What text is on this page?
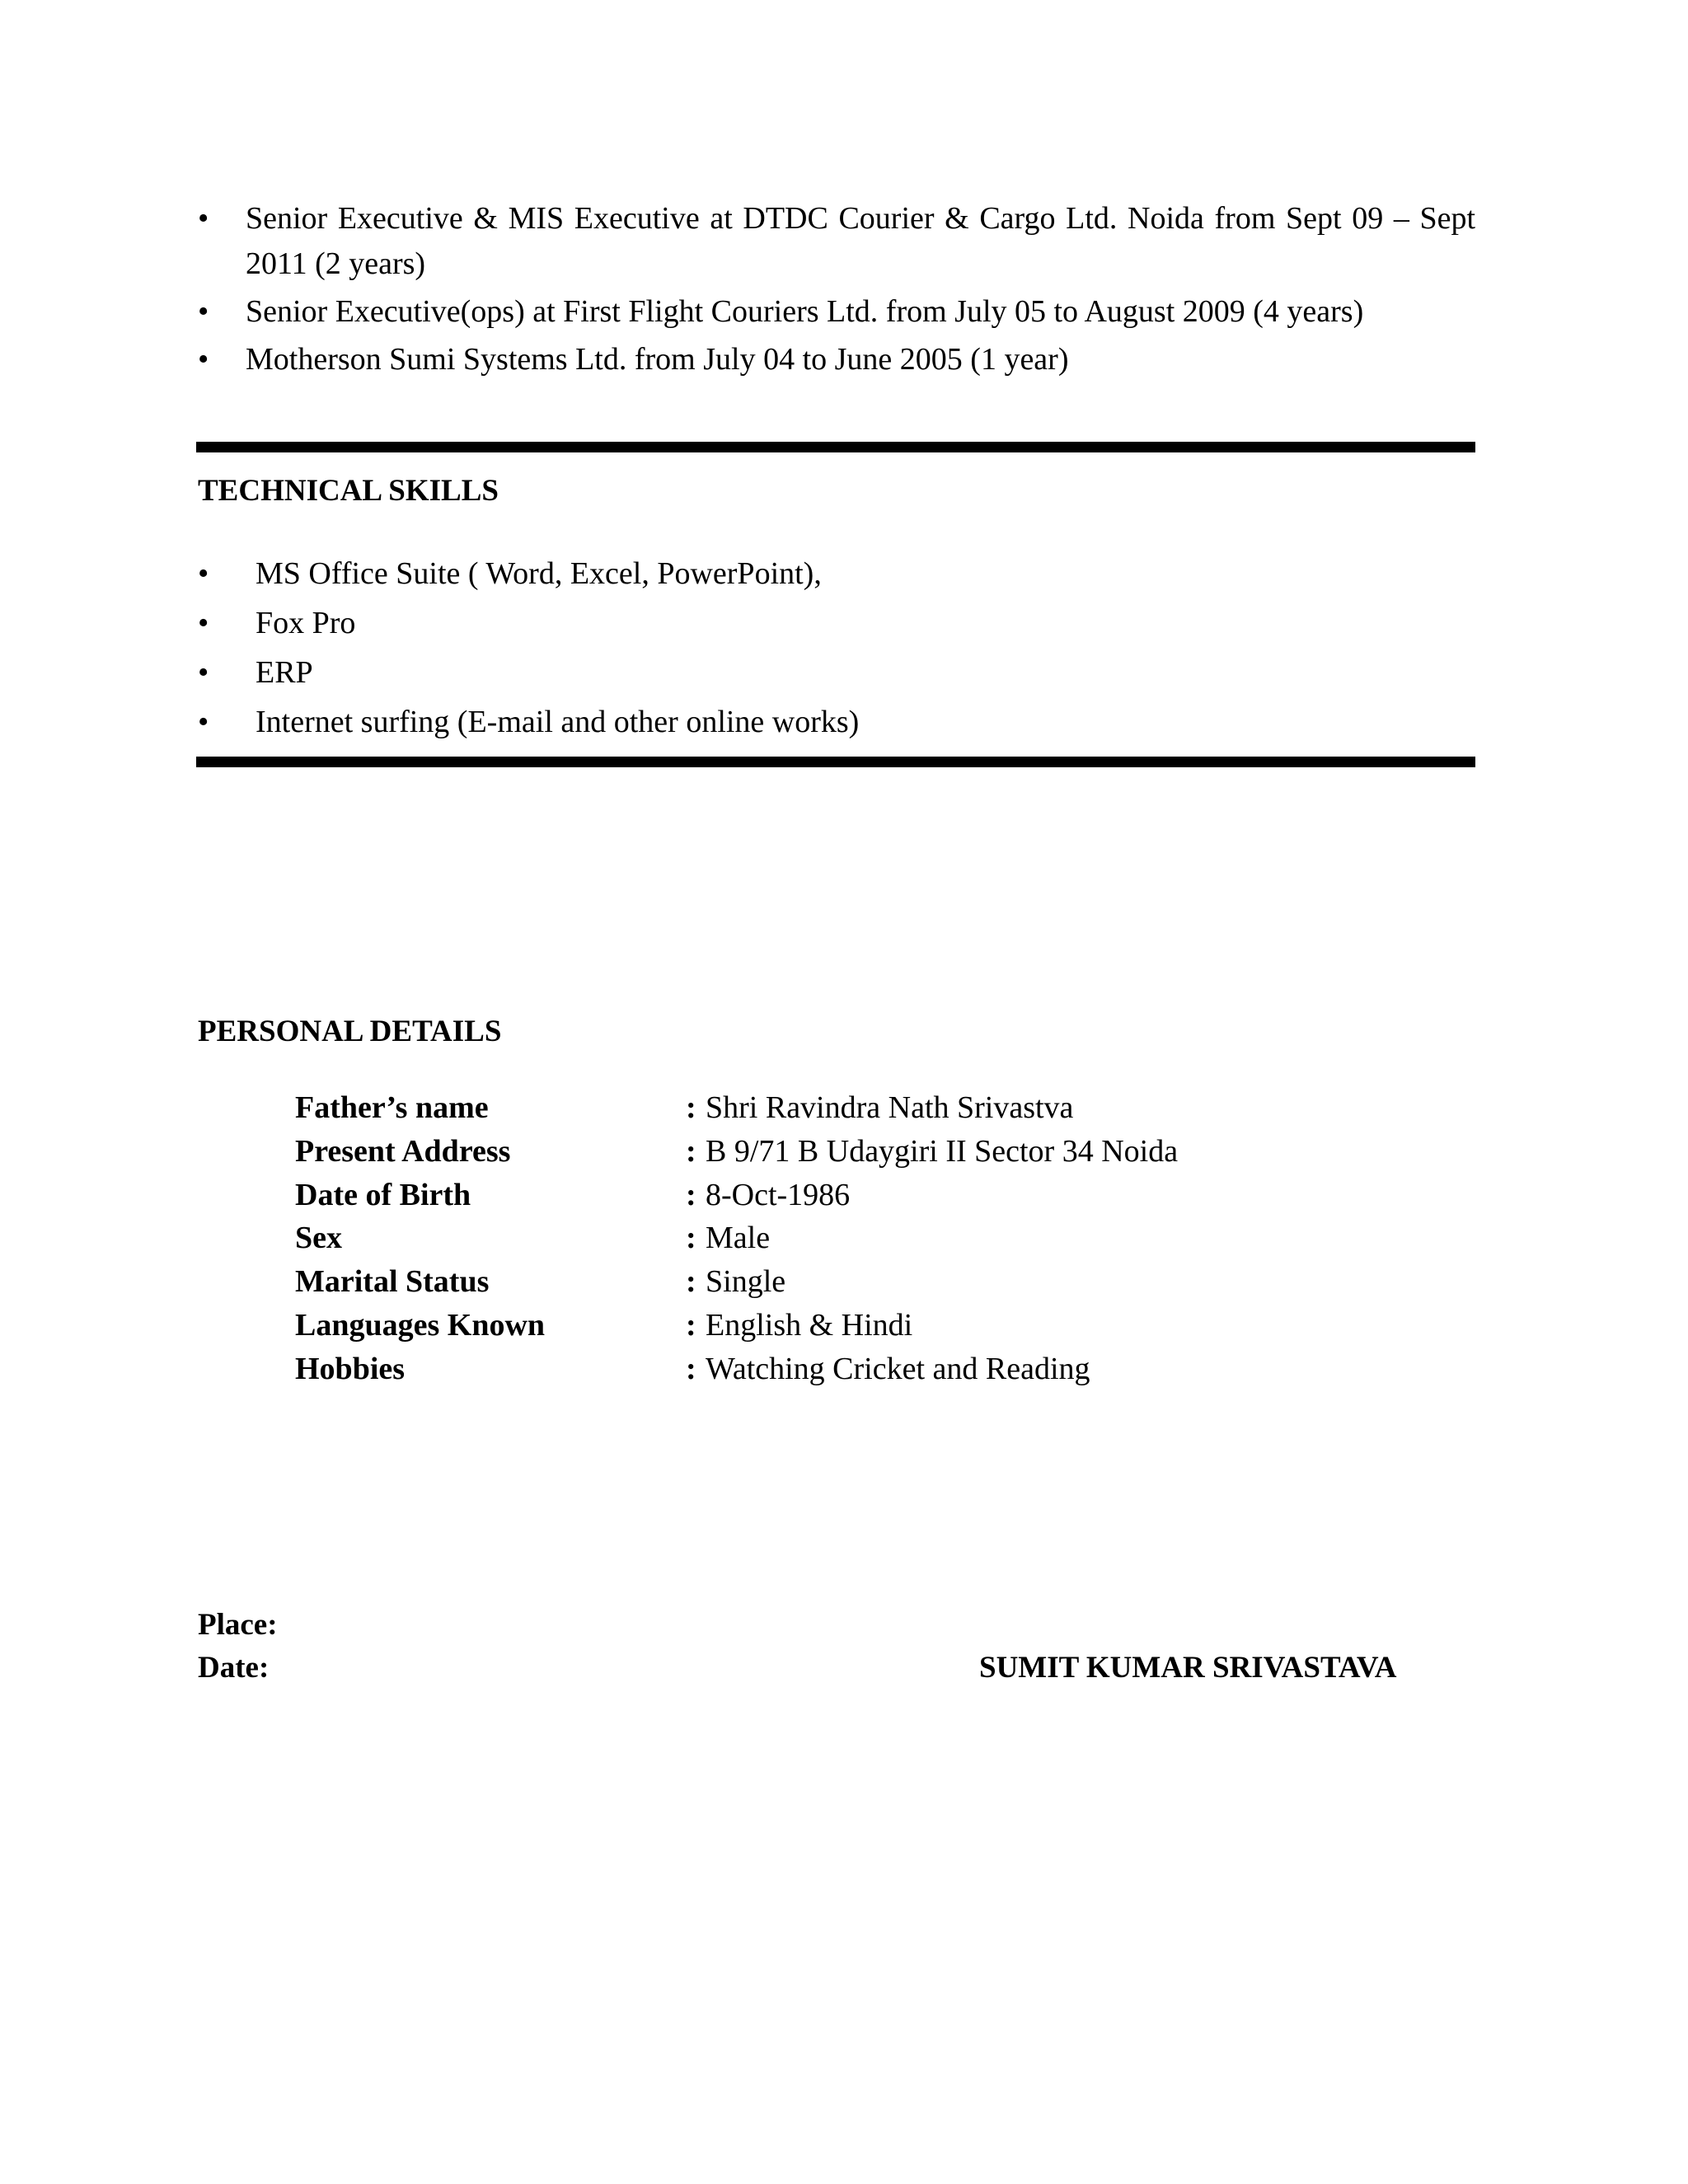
• Senior Executive & MIS Executive at DTDC Courier & Cargo Ltd. Noida from Sept 09 – Sept 2011 (2 years)
• Senior Executive(ops) at First Flight Couriers Ltd. from July 05 to August 2009 (4 years)
• Motherson Sumi Systems Ltd. from July 04 to June 2005 (1 year)
TECHNICAL SKILLS
• MS Office Suite ( Word, Excel, PowerPoint),
• Fox Pro
• ERP
• Internet surfing (E-mail and other online works)
PERSONAL DETAILS
Father’s name	: Shri Ravindra Nath Srivastva
Present Address	: B 9/71 B Udaygiri II Sector 34 Noida
Date of Birth	: 8-Oct-1986
Sex	: Male
Marital Status	: Single
Languages Known	: English & Hindi
Hobbies	: Watching Cricket and Reading
Place:
Date:	SUMIT KUMAR SRIVASTAVA
